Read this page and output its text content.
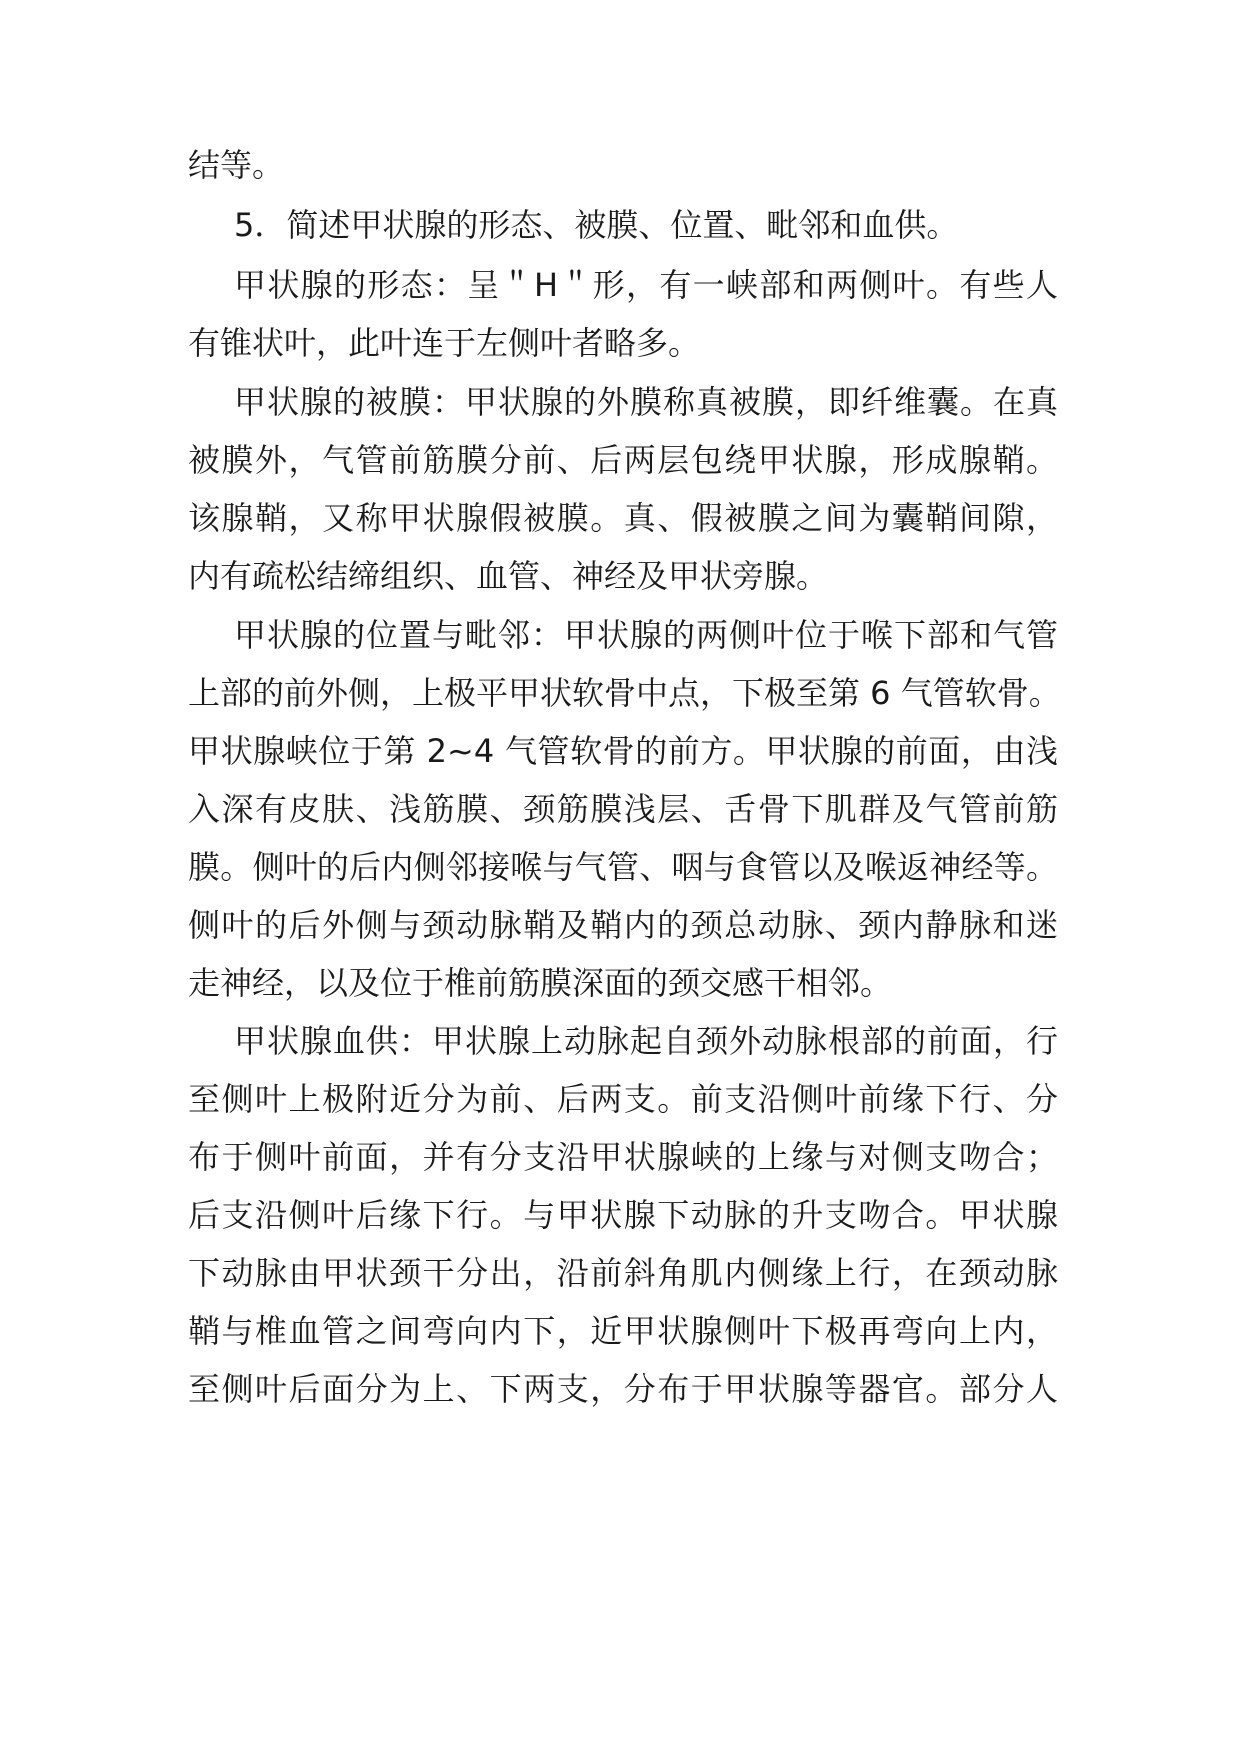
结等。
5．简述甲状腺的形态、被膜、位置、毗邻和血供。
甲状腺的形态：呈＂H＂形，有一峡部和两侧叶。有些人
有锥状叶，此叶连于左侧叶者略多。
甲状腺的被膜：甲状腺的外膜称真被膜，即纤维囊。在真
被膜外，气管前筋膜分前、后两层包绕甲状腺，形成腺鞘。
该腺鞘，又称甲状腺假被膜。真、假被膜之间为囊鞘间隙，
内有疏松结缔组织、血管、神经及甲状旁腺。
甲状腺的位置与毗邻：甲状腺的两侧叶位于喉下部和气管
上部的前外侧，上极平甲状软骨中点，下极至第 6 气管软骨。
甲状腺峡位于第 2~4 气管软骨的前方。甲状腺的前面，由浅
入深有皮肤、浅筋膜、颈筋膜浅层、舌骨下肌群及气管前筋
膜。侧叶的后内侧邻接喉与气管、咽与食管以及喉返神经等。
侧叶的后外侧与颈动脉鞘及鞘内的颈总动脉、颈内静脉和迷
走神经，以及位于椎前筋膜深面的颈交感干相邻。
甲状腺血供：甲状腺上动脉起自颈外动脉根部的前面，行
至侧叶上极附近分为前、后两支。前支沿侧叶前缘下行、分
布于侧叶前面，并有分支沿甲状腺峡的上缘与对侧支吻合；
后支沿侧叶后缘下行。与甲状腺下动脉的升支吻合。甲状腺
下动脉由甲状颈干分出，沿前斜角肌内侧缘上行，在颈动脉
鞘与椎血管之间弯向内下，近甲状腺侧叶下极再弯向上内，
至侧叶后面分为上、下两支，分布于甲状腺等器官。部分人
